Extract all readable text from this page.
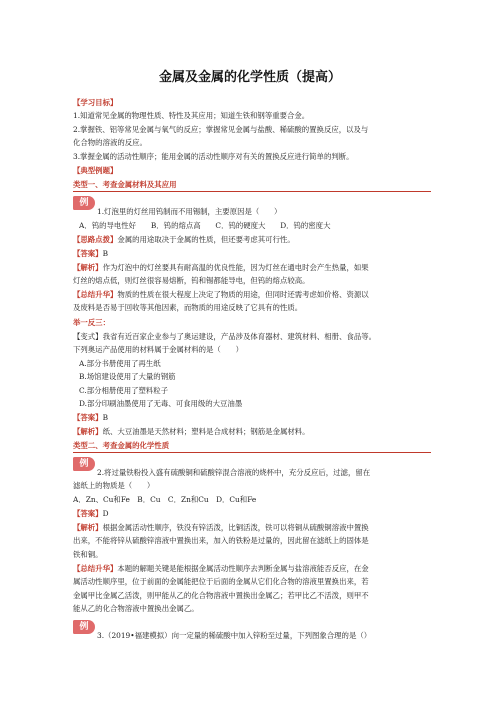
金属及金属的化学性质（提高）
【学习目标】
1.知道常见金属的物理性质、特性及其应用；知道生铁和钢等重要合金。
2.掌握铁、铝等常见金属与氧气的反应；掌握常见金属与盐酸、稀硫酸的置换反应，以及与
化合物的溶液的反应。
3.掌握金属的活动性顺序；能用金属的活动性顺序对有关的置换反应进行简单的判断。
【典型例题】
类型一、考查金属材料及其应用
例
1.灯泡里的灯丝用钨制而不用锡制，主要原因是（　　）
A．钨的导电性好　　B．钨的熔点高　　C．钨的硬度大　　D．钨的密度大
【思路点拨】金属的用途取决于金属的性质，但还要考虑其可行性。
【答案】B
【解析】作为灯泡中的灯丝要具有耐高温的优良性能，因为灯丝在通电时会产生热量，如果
灯丝的熔点低，则灯丝很容易熔断，钨和锡都能导电，但钨的熔点较高。
【总结升华】物质的性质在很大程度上决定了物质的用途，但同时还需考虑如价格、资源以
及废料是否易于回收等其他因素，而物质的用途反映了它具有的性质。
举一反三：
【变式】我省有近百家企业参与了奥运建设，产品涉及体育器材、建筑材料、相册、食品等。
下列奥运产品使用的材料属于金属材料的是（　　）
A.部分书册使用了再生纸
B.场馆建设使用了大量的钢筋
C.部分相册使用了塑料粒子
D.部分印刷油墨使用了无毒、可食用级的大豆油墨
【答案】B
【解析】纸、大豆油墨是天然材料；塑料是合成材料；钢筋是金属材料。
类型二、考查金属的化学性质
例
2.将过量铁粉投入盛有硫酸铜和硫酸锌混合溶液的烧杯中，充分反应后，过滤，留在
滤纸上的物质是（　　）
A．Zn、Cu和Fe　B．Cu　C．Zn和Cu　D．Cu和Fe
【答案】D
【解析】根据金属活动性顺序，铁没有锌活泼，比铜活泼，铁可以将铜从硫酸铜溶液中置换
出来，不能将锌从硫酸锌溶液中置换出来，加入的铁粉是过量的，因此留在滤纸上的固体是
铁和铜。
【总结升华】本题的解题关键是能根据金属活动性顺序去判断金属与盐溶液能否反应，在金
属活动性顺序里，位于前面的金属能把位于后面的金属从它们化合物的溶液里置换出来，若
金属甲比金属乙活泼，则甲能从乙的化合物溶液中置换出金属乙；若甲比乙不活泼，则甲不
能从乙的化合物溶液中置换出金属乙。
例
3.（2019•福建模拟）向一定量的稀硫酸中加入锌粉至过量，下列图象合理的是（）
